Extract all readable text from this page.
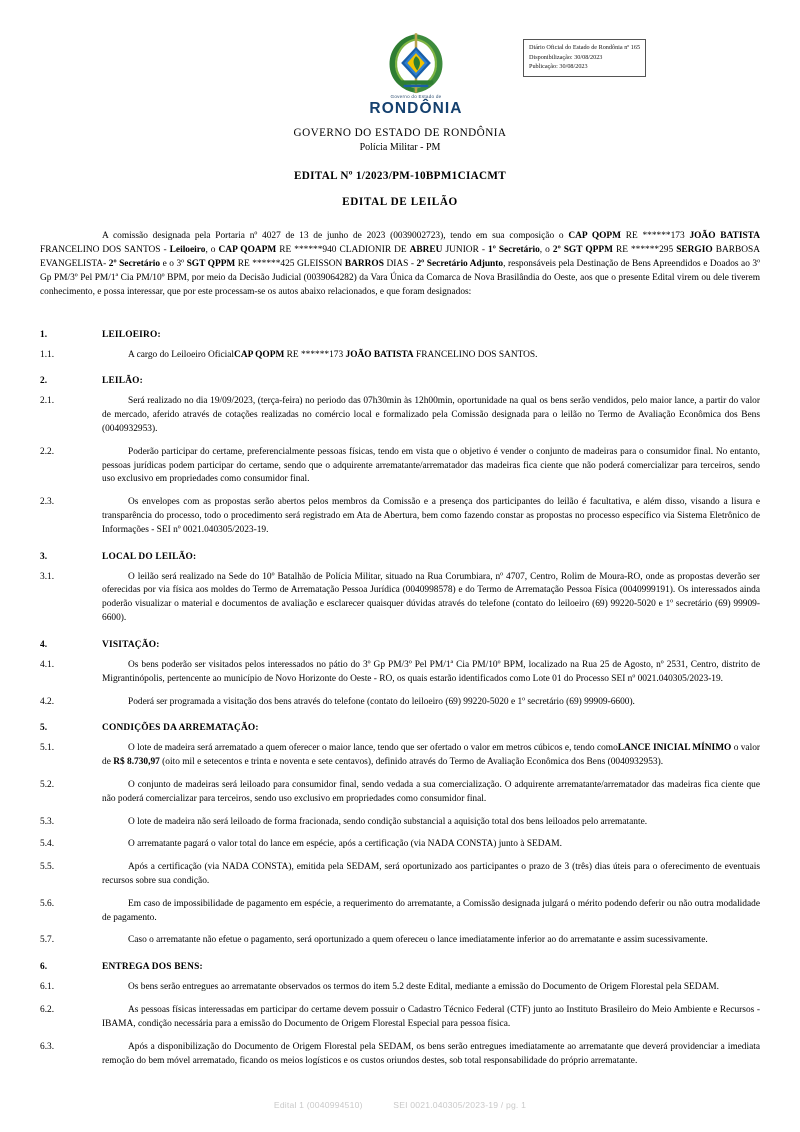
Governo do Estado de
RONDÔNIA
Diário Oficial do Estado de Rondônia nº 165
Disponibilização: 30/08/2023
Publicação: 30/08/2023
GOVERNO DO ESTADO DE RONDÔNIA
Polícia Militar - PM
EDITAL Nº 1/2023/PM-10BPM1CIACMT
EDITAL DE LEILÃO

A comissão designada pela Portaria nº 4027 de 13 de junho de 2023 (0039002723), tendo em sua composição o CAP QOPM RE ******173 JOÃO BATISTA FRANCELINO DOS SANTOS - Leiloeiro, o CAP QOAPM RE ******940 CLADIONIR DE ABREU JUNIOR - 1º Secretário, o 2º SGT QPPM RE ******295 SERGIO BARBOSA EVANGELISTA- 2º Secretário e o 3º SGT QPPM RE ******425 GLEISSON BARROS DIAS - 2º Secretário Adjunto, responsáveis pela Destinação de Bens Apreendidos e Doados ao 3º Gp PM/3º Pel PM/1ª Cia PM/10º BPM, por meio da Decisão Judicial (0039064282) da Vara Única da Comarca de Nova Brasilândia do Oeste, aos que o presente Edital virem ou dele tiverem conhecimento, e possa interessar, que por este processam-se os autos abaixo relacionados, e que foram designados:

1.	LEILOEIRO:
1.1.	A cargo do Leiloeiro OficialCAP QOPM RE ******173 JOÃO BATISTA FRANCELINO DOS SANTOS.
2.	LEILÃO:
2.1.	Será realizado no dia 19/09/2023, (terça-feira) no periodo das 07h30min às 12h00min, oportunidade na qual os bens serão vendidos, pelo maior lance, a partir do valor de mercado, aferido através de cotações realizadas no comércio local e formalizado pela Comissão designada para o leilão no Termo de Avaliação Econômica dos Bens (0040932953).
2.2.	Poderão participar do certame, preferencialmente pessoas físicas, tendo em vista que o objetivo é vender o conjunto de madeiras para o consumidor final. No entanto, pessoas jurídicas podem participar do certame, sendo que o adquirente arrematante/arrematador das madeiras fica ciente que não poderá comercializar para terceiros, sendo uso exclusivo em propriedades como consumidor final.
2.3.	Os envelopes com as propostas serão abertos pelos membros da Comissão e a presença dos participantes do leilão é facultativa, e além disso, visando a lisura e transparência do processo, todo o procedimento será registrado em Ata de Abertura, bem como fazendo constar as propostas no processo específico via Sistema Eletrônico de Informações - SEI nº 0021.040305/2023-19.
3.	LOCAL DO LEILÃO:
3.1.	O leilão será realizado na Sede do 10º Batalhão de Polícia Militar, situado na Rua Corumbiara, nº 4707, Centro, Rolim de Moura-RO, onde as propostas deverão ser oferecidas por via física aos moldes do Termo de Arrematação Pessoa Jurídica (0040998578) e do Termo de Arrematação Pessoa Física (0040999191). Os interessados ainda poderão visualizar o material e documentos de avaliação e esclarecer quaisquer dúvidas através do telefone (contato do leiloeiro (69) 99220-5020 e 1º secretário (69) 99909-6600).
4.	VISITAÇÃO:
4.1.	Os bens poderão ser visitados pelos interessados no pátio do 3º Gp PM/3º Pel PM/1ª Cia PM/10º BPM, localizado na Rua 25 de Agosto, nº 2531, Centro, distrito de Migrantinópolis, pertencente ao município de Novo Horizonte do Oeste - RO, os quais estarão identificados como Lote 01 do Processo SEI nº 0021.040305/2023-19.
4.2.	Poderá ser programada a visitação dos bens através do telefone (contato do leiloeiro (69) 99220-5020 e 1º secretário (69) 99909-6600).
5.	CONDIÇÕES DA ARREMATAÇÃO:
5.1.	O lote de madeira será arrematado a quem oferecer o maior lance, tendo que ser ofertado o valor em metros cúbicos e, tendo comoLANCE INICIAL MÍNIMO o valor de R$ 8.730,97 (oito mil e setecentos e trinta e noventa e sete centavos), definido através do Termo de Avaliação Econômica dos Bens (0040932953).
5.2.	O conjunto de madeiras será leiloado para consumidor final, sendo vedada a sua comercialização. O adquirente arrematante/arrematador das madeiras fica ciente que não poderá comercializar para terceiros, sendo uso exclusivo em propriedades como consumidor final.
5.3.	O lote de madeira não será leiloado de forma fracionada, sendo condição substancial a aquisição total dos bens leiloados pelo arrematante.
5.4.	O arrematante pagará o valor total do lance em espécie, após a certificação (via NADA CONSTA) junto à SEDAM.
5.5.	Após a certificação (via NADA CONSTA), emitida pela SEDAM, será oportunizado aos participantes o prazo de 3 (três) dias úteis para o oferecimento de eventuais recursos sobre sua condição.
5.6.	Em caso de impossibilidade de pagamento em espécie, a requerimento do arrematante, a Comissão designada julgará o mérito podendo deferir ou não outra modalidade de pagamento.
5.7.	Caso o arrematante não efetue o pagamento, será oportunizado a quem ofereceu o lance imediatamente inferior ao do arrematante e assim sucessivamente.
6.	ENTREGA DOS BENS:
6.1.	Os bens serão entregues ao arrematante observados os termos do item 5.2 deste Edital, mediante a emissão do Documento de Origem Florestal pela SEDAM.
6.2.	As pessoas físicas interessadas em participar do certame devem possuir o Cadastro Técnico Federal (CTF) junto ao Instituto Brasileiro do Meio Ambiente e Recursos - IBAMA, condição necessária para a emissão do Documento de Origem Florestal Especial para pessoa física.
6.3.	Após a disponibilização do Documento de Origem Florestal pela SEDAM, os bens serão entregues imediatamente ao arrematante que deverá providenciar a imediata remoção do bem móvel arrematado, ficando os meios logísticos e os custos oriundos destes, sob total responsabilidade do próprio arrematante.
Edital 1 (0040994510)	SEI 0021.040305/2023-19 / pg. 1
